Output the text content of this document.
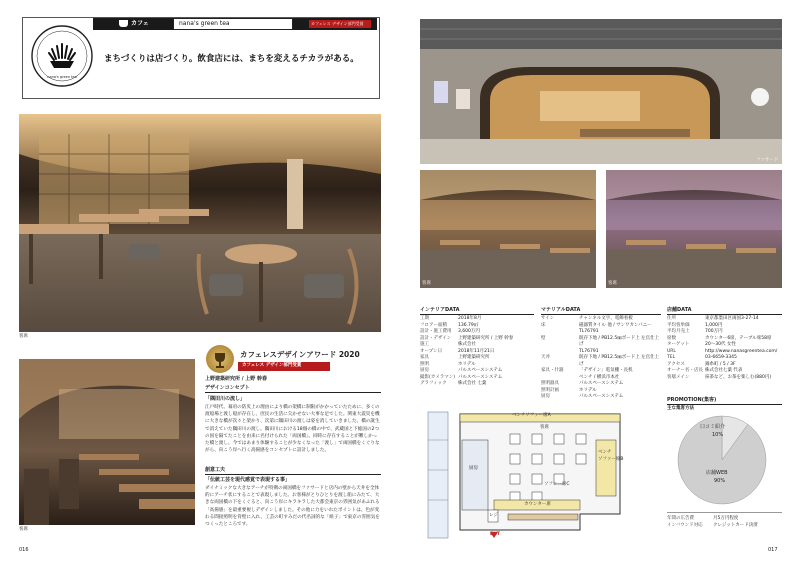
nana's green tea
カフェ	nana's green tea	カフェレス デザイン部門受賞
まちづくりは店づくり。飲食店には、まちを変えるチカラがある。
客席
客席
カフェレスデザインアワード 2020
カフェレス デザイン部門受賞
上野建築研究所 / 上野 幹春
デザインコンセプト
「隅田川の流し」
江戸時代、幕府の防災上の理由により橋の架橋に制限がかかっていたために、多くの渡船場と渡し船が存在し、庶民の生活に欠かせない大事な足でした。関東大震災を機に大きな橋が次々と架かり、次第に隅田川の渡しは姿を消していきました。橋の誕生で消えていた隅田川の渡し。隅田川における18個の橋の中で、武蔵国と下総国の2つの国を隔てたことを由来に名付けられた「両国橋」。同時に存在することが難しかった橋と渡し。今ではあまり体験することが少なくなった「渡し」で両国橋をくぐりながら、向こう岸へ行く高揚感をコンセプトに設計しました。
創意工夫
「伝統工芸を現代感覚で表現する事」
ダイナミックな大きなアーチが特徴の両国橋をファサードと店内の壁から天井を全体的にアーチ状にすることで表現しました。お客様がとりひとりを渡し船にみたて、大きな両国橋の下をくぐると、向こう岸にキラキラした大都会東京の雰囲気があふれる「高揚感」を最重要視しデザインしました。その他に力をいれたポイントは、色が変わる間接照明を背壁に入れ、工芸の町すみだの代名詞的な「組子」で東京の雰囲気をつくったところです。
016
ファサード
客席	客席
インテリアDATA
工期	2018年8月
フロアー面積	136.79㎡
設計・施工費用	3,600万円
設計・デザイン	上野建築研究所 / 上野 幹春
施工	株式会社
オープン日	2018年11月21日
家具	上野建築研究所
照明	ホリデル
厨房	パルスペースシステム
撮影(カメラマン) パルスペースシステム
グラフィック	株式会社 七葉
マテリアルDATA
サイン	チャンネル文字、電飾看板
床	磁器質タイル 他 / サンワカンパニー
TL76791
壁	既存下地 / PB12.5㎜ボード上 左官仕上げ
TL76791
天井	既存下地 / PB12.5㎜ボード上 左官仕上げ
家具・什器	「デザイン」電気棚・長机
ベンチ / 横浜市本社
照明器具	パルスペースシステム
照明計画	ホリデル
厨房	パルスペースシステム
店舗DATA
住所	東京都墨田区両国3-27-14
平均客単価	1,000円
平均月売上	700万円
席数	カウンター6席、テーブル席58席
ターゲット	20〜30代 女性
URL	http://www.nanasgreentea.com/
TEL	03-6659-3345
アクセス	錦糸町 / 5 / 3F
オーナー名・店長 株式会社七葉 代表
客層メイン	抹茶など、お茶を楽しむ(880円)
PROMOTION(集客)
主な集客方法
口コミ紹介
10%
店舗WEB
90%
年間の広告費	月5万円程度
インバウンド対応	クレジットカード決済
ベンチソファー席A
客席
厨房
ソファー席C
ベンチ
ソファー席B
カウンター席
レジ
ENT
017
